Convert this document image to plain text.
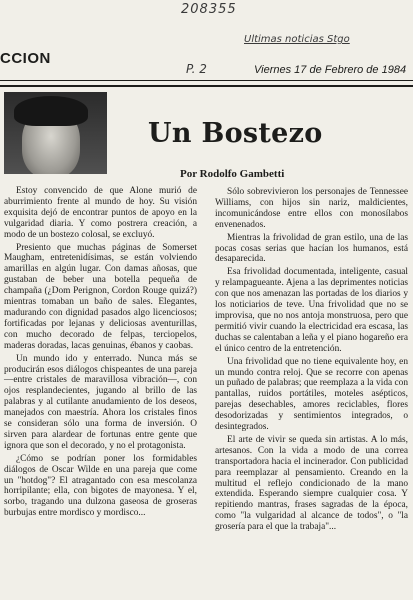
208355
Ultimas noticias Stgo
CCION
P. 2	Viernes 17 de Febrero de 1984
Un Bostezo
Por Rodolfo Gambetti

Estoy convencido de que Alone murió de aburrimiento frente al mundo de hoy. Su visión exquisita dejó de encontrar puntos de apoyo en la vulgaridad diaria. Y como postrera creación, a modo de un bostezo colosal, se excluyó.

Presiento que muchas páginas de Somerset Maugham, entretenidísimas, se están volviendo amarillas en algún lugar. Con damas añosas, que gustaban de beber una botella pequeña de champaña (¿Dom Perignon, Cordon Rouge quizá?) mientras tomaban un baño de sales. Elegantes, madurando con dignidad pasados algo licenciosos; fortificadas por lejanas y deliciosas aventurillas, con mucho decorado de felpas, terciopelos, maderas doradas, lacas genuinas, ébanos y caobas.

Un mundo ido y enterrado. Nunca más se producirán esos diálogos chispeantes de una pareja —entre cristales de maravillosa vibración—, con ojos resplandecientes, jugando al brillo de las palabras y al cutilante anudamiento de los deseos, manejados con maestría. Ahora los cristales finos se consideran sólo una forma de inversión. O sirven para alardear de fortunas entre gente que ignora que son el decorado, y no el protagonista.

¿Cómo se podrían poner los formidables diálogos de Oscar Wilde en una pareja que come un "hotdog"? El atragantado con esa mescolanza horripilante; ella, con bigotes de mayonesa. Y el, sorbo, tragando una dulzona gaseosa de groseras burbujas entre mordisco y mordisco...

Sólo sobrevivieron los personajes de Tennessee Williams, con hijos sin nariz, maldicientes, incomunicándose entre ellos con monosílabos envenenados.

Mientras la frivolidad de gran estilo, una de las pocas cosas serias que hacían los humanos, está desaparecida.

Esa frivolidad documentada, inteligente, casual y relampagueante. Ajena a las deprimentes noticias con que nos amenazan las portadas de los diarios y los noticiarios de teve. Una frivolidad que no se improvisa, que no nos antoja monstruosa, pero que permitió vivir cuando la electricidad era escasa, las duchas se calentaban a leña y el piano hogareño era el único centro de la entretención.

Una frivolidad que no tiene equivalente hoy, en un mundo contra reloj. Que se recorre con apenas un puñado de palabras; que reemplaza a la vida con pantallas, ruidos portátiles, moteles asépticos, parejas desechables, amores reciclables, flores desodorizadas y sentimientos integrados, o desintegrados.

El arte de vivir se queda sin artistas. A lo más, artesanos. Con la vida a modo de una correa transportadora hacia el incinerador. Con publicidad para reemplazar al pensamiento. Creando en la multitud el reflejo condicionado de la mano extendida. Esperando siempre cualquier cosa. Y repitiendo mantras, frases sagradas de la época, como "la vulgaridad al alcance de todos", o "la grosería para el que la trabaja"...
